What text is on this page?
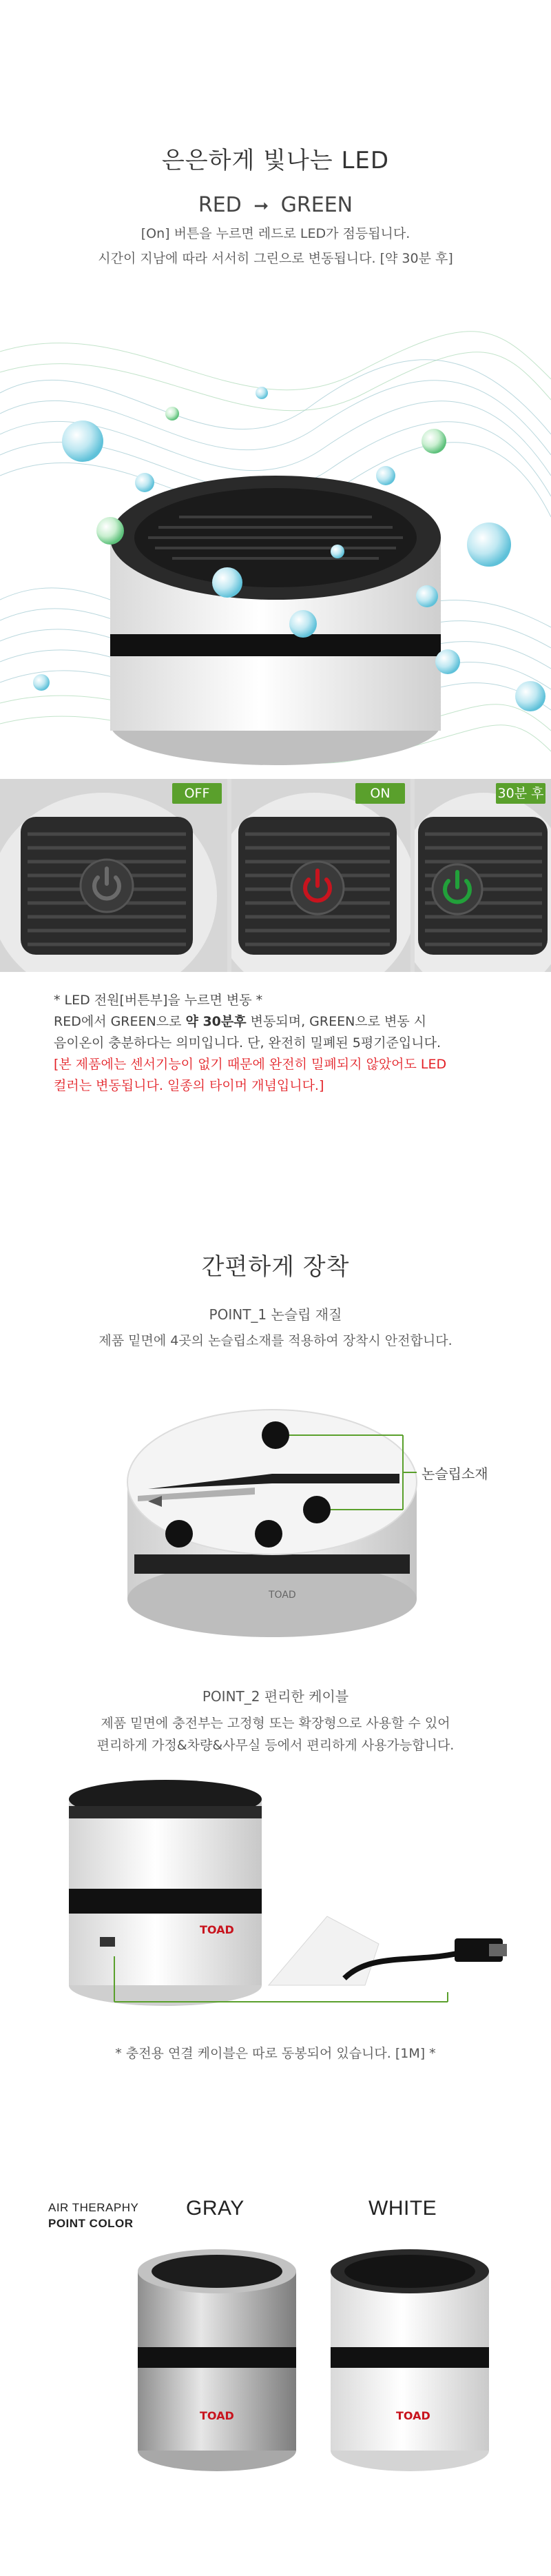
은은하게 빛나는 LED
RED ➞ GREEN
[On] 버튼을 누르면 레드로 LED가 점등됩니다.
시간이 지남에 따라 서서히 그린으로 변동됩니다. [약 30분 후]
OFF	ON	30분 후
* LED 전원[버튼부]을 누르면 변동 *
RED에서 GREEN으로 약 30분후 변동되며, GREEN으로 변동 시
음이온이 충분하다는 의미입니다. 단, 완전히 밀폐된 5평기준입니다.
[본 제품에는 센서기능이 없기 때문에 완전히 밀폐되지 않았어도 LED
컬러는 변동됩니다. 일종의 타이머 개념입니다.]
간편하게 장착
POINT_1 논슬립 재질
제품 밑면에 4곳의 논슬립소재를 적용하여 장착시 안전합니다.
TOAD
논슬립소재
POINT_2 편리한 케이블
제품 밑면에 충전부는 고정형 또는 확장형으로 사용할 수 있어
편리하게 가정&차량&사무실 등에서 편리하게 사용가능합니다.
TOAD
* 충전용 연결 케이블은 따로 동봉되어 있습니다. [1M] *
AIR THERAPHY
POINT COLOR
GRAY	WHITE
TOAD	TOAD
